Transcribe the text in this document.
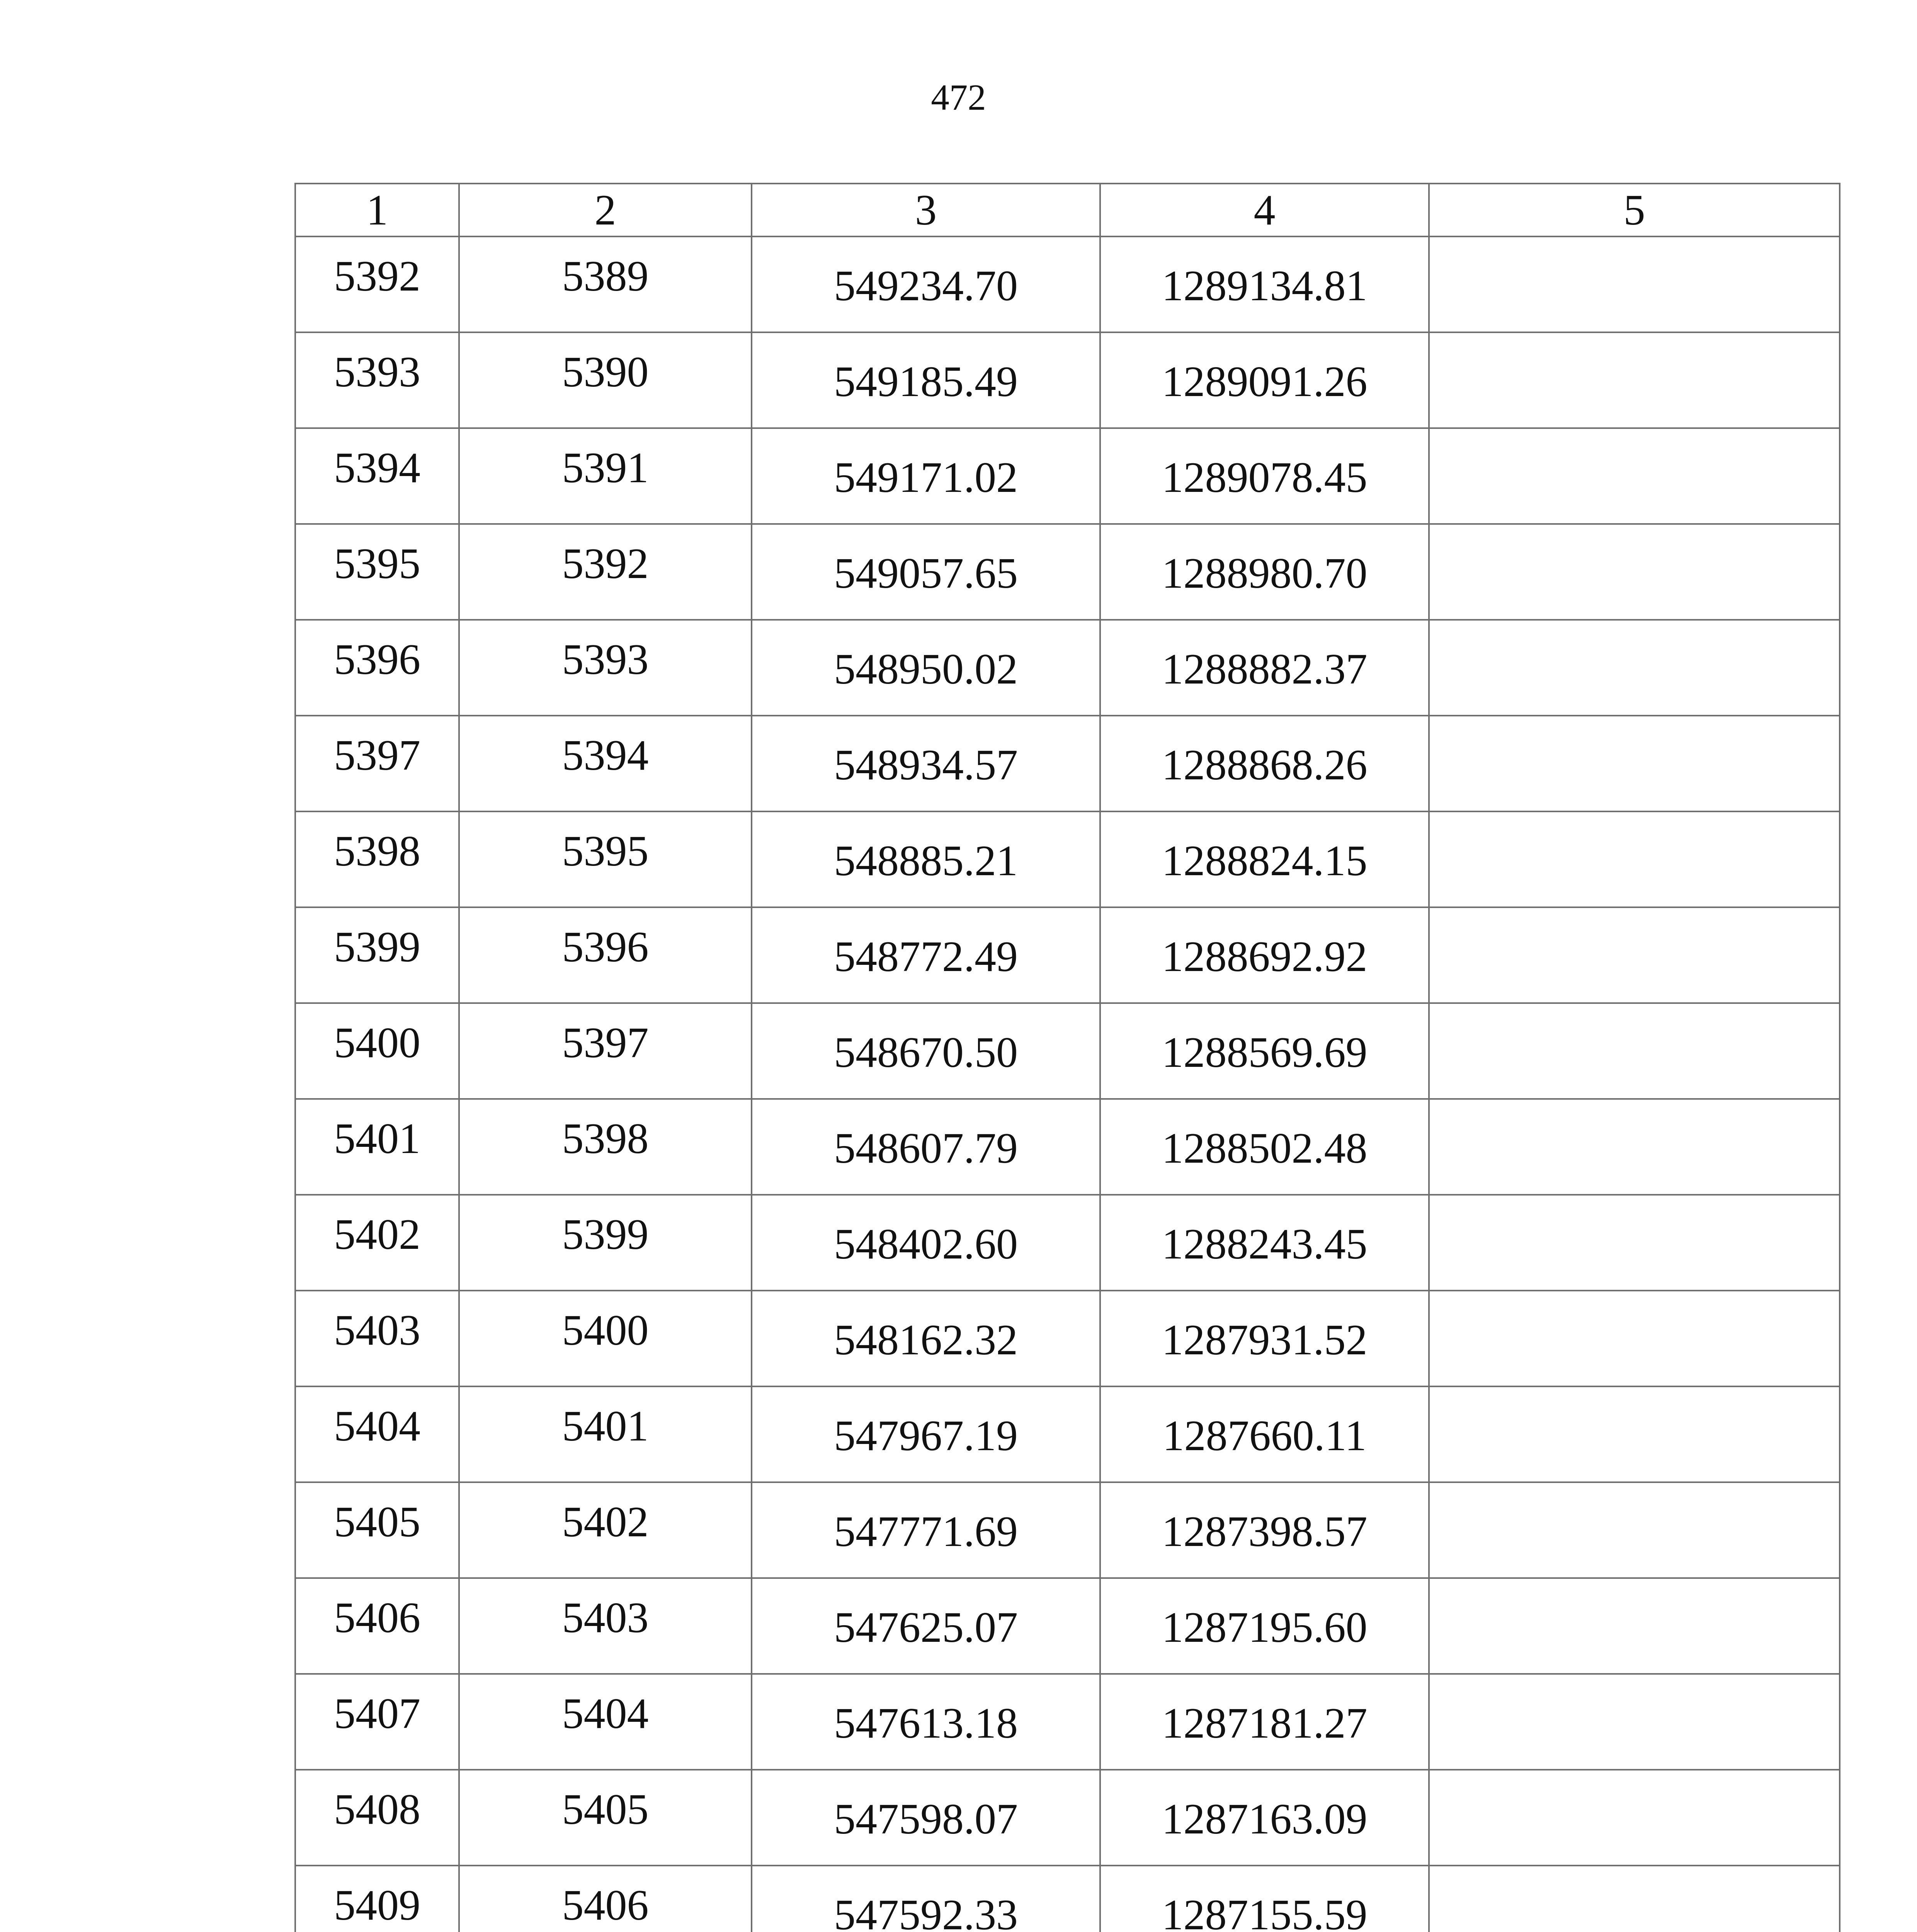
472
1	2	3	4	5
5392	5389	549234.70	1289134.81	
5393	5390	549185.49	1289091.26	
5394	5391	549171.02	1289078.45	
5395	5392	549057.65	1288980.70	
5396	5393	548950.02	1288882.37	
5397	5394	548934.57	1288868.26	
5398	5395	548885.21	1288824.15	
5399	5396	548772.49	1288692.92	
5400	5397	548670.50	1288569.69	
5401	5398	548607.79	1288502.48	
5402	5399	548402.60	1288243.45	
5403	5400	548162.32	1287931.52	
5404	5401	547967.19	1287660.11	
5405	5402	547771.69	1287398.57	
5406	5403	547625.07	1287195.60	
5407	5404	547613.18	1287181.27	
5408	5405	547598.07	1287163.09	
5409	5406	547592.33	1287155.59	
